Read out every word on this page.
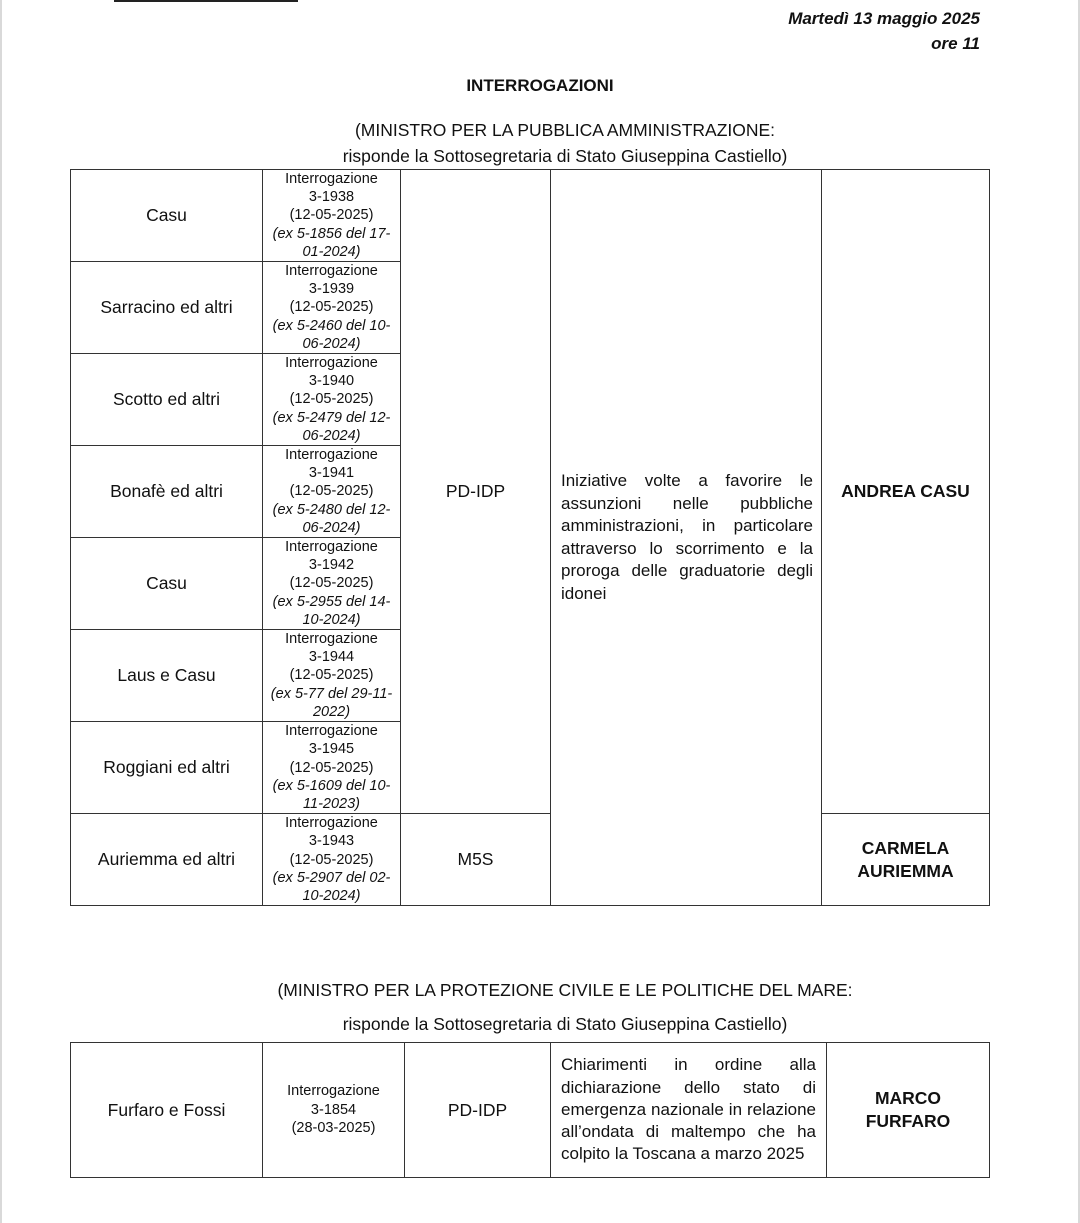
Martedì 13 maggio 2025
ore 11
INTERROGAZIONI
(MINISTRO PER LA PUBBLICA AMMINISTRAZIONE:
risponde la Sottosegretaria di Stato Giuseppina Castiello)
Casu	Interrogazione
3-1938
(12-05-2025)
(ex 5-1856 del 17-01-2024)	PD-IDP	Iniziative volte a favorire le assunzioni nelle pubbliche amministrazioni, in particolare attraverso lo scorrimento e la proroga delle graduatorie degli idonei	ANDREA CASU
Sarracino ed altri	Interrogazione
3-1939
(12-05-2025)
(ex 5-2460 del 10-06-2024)			

Scotto ed altri	Interrogazione
3-1940
(12-05-2025)
(ex 5-2479 del 12-06-2024)			

Bonafè ed altri	Interrogazione
3-1941
(12-05-2025)
(ex 5-2480 del 12-06-2024)			

Casu	Interrogazione
3-1942
(12-05-2025)
(ex 5-2955 del 14-10-2024)			

Laus e Casu	Interrogazione
3-1944
(12-05-2025)
(ex 5-77 del 29-11-2022)			

Roggiani ed altri	Interrogazione
3-1945
(12-05-2025)
(ex 5-1609 del 10-11-2023)			

Auriemma ed altri	Interrogazione
3-1943
(12-05-2025)
(ex 5-2907 del 02-10-2024)	M5S		CARMELA AURIEMMA
(MINISTRO PER LA PROTEZIONE CIVILE E LE POLITICHE DEL MARE:
risponde la Sottosegretaria di Stato Giuseppina Castiello)
Furfaro e Fossi	
Interrogazione
3-1854
(28-03-2025)
	PD-IDP	Chiarimenti in ordine alla dichiarazione dello stato di emergenza nazionale in relazione all’ondata di maltempo che ha colpito la Toscana a marzo 2025	MARCO FURFARO
